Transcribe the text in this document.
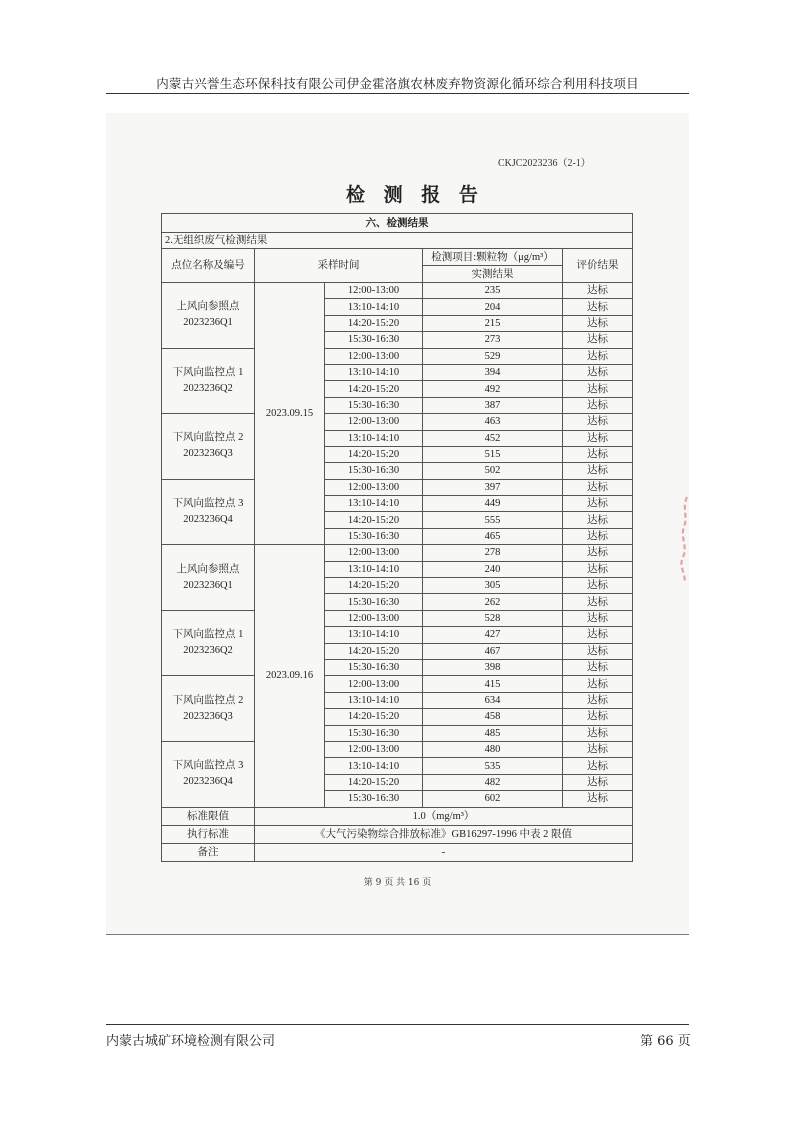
内蒙古兴誉生态环保科技有限公司伊金霍洛旗农林废弃物资源化循环综合利用科技项目
CKJC2023236（2-1）
检 测 报 告
六、检测结果				
2.无组织废气检测结果				
点位名称及编号	采样时间		检测项目:颗粒物（μg/m³）	评价结果
			实测结果	

上风向参照点
2023236Q1	2023.09.15	12:00-13:00	235	达标
		13:10-14:10	204	达标
		14:20-15:20	215	达标
		15:30-16:30	273	达标

下风向监控点 1
2023236Q2		12:00-13:00	529	达标
		13:10-14:10	394	达标
		14:20-15:20	492	达标
		15:30-16:30	387	达标

下风向监控点 2
2023236Q3		12:00-13:00	463	达标
		13:10-14:10	452	达标
		14:20-15:20	515	达标
		15:30-16:30	502	达标

下风向监控点 3
2023236Q4		12:00-13:00	397	达标
		13:10-14:10	449	达标
		14:20-15:20	555	达标
		15:30-16:30	465	达标

上风向参照点
2023236Q1	2023.09.16	12:00-13:00	278	达标
		13:10-14:10	240	达标
		14:20-15:20	305	达标
		15:30-16:30	262	达标

下风向监控点 1
2023236Q2		12:00-13:00	528	达标
		13:10-14:10	427	达标
		14:20-15:20	467	达标
		15:30-16:30	398	达标

下风向监控点 2
2023236Q3		12:00-13:00	415	达标
		13:10-14:10	634	达标
		14:20-15:20	458	达标
		15:30-16:30	485	达标

下风向监控点 3
2023236Q4		12:00-13:00	480	达标
		13:10-14:10	535	达标
		14:20-15:20	482	达标
		15:30-16:30	602	达标
标准限值	1.0（mg/m³）			
执行标准	《大气污染物综合排放标准》GB16297-1996 中表 2 限值			
备注	-			
第 9 页 共 16 页
内蒙古城矿环境检测有限公司	第 66 页
